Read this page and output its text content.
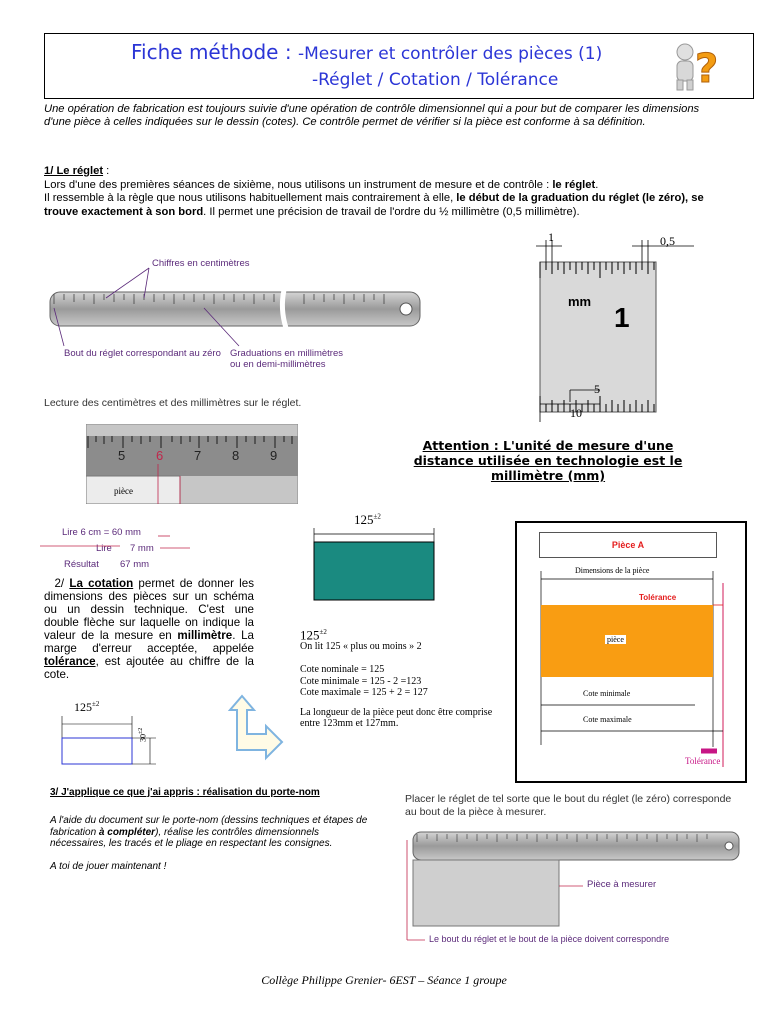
Fiche méthode : -Mesurer et contrôler des pièces (1)
-Réglet / Cotation / Tolérance	?
Une opération de fabrication est toujours suivie d'une opération de contrôle dimensionnel qui a pour but de comparer les dimensions d'une pièce à celles indiquées sur le dessin (cotes). Ce contrôle permet de vérifier si la pièce est conforme à sa définition.
1/ Le réglet :
Lors d'une des premières séances de sixième, nous utilisons un instrument de mesure et de contrôle : le réglet.
Il ressemble à la règle que nous utilisons habituellement mais contrairement à elle, le début de la graduation du réglet (le zéro), se trouve exactement à son bord. Il permet une précision de travail de l'ordre du ½ millimètre (0,5 millimètre).
Chiffres en centimètres
Bout du réglet correspondant au zéro Graduations en millimètres ou en demi-millimètres
1	0,5
mm
1
5
10
Lecture des centimètres et des millimètres sur le réglet.
5 6 7 8 9
pièce
Lire 6 cm = 60 mm
Lire 7 mm
Résultat 67 mm
Attention : L'unité de mesure d'une distance utilisée en technologie est le millimètre (mm)
$125^{\pm 2}$
2/ La cotation permet de donner les dimensions des pièces sur un schéma ou un dessin technique. C'est une double flèche sur laquelle on indique la valeur de la mesure en millimètre. La marge d'erreur acceptée, appelée tolérance, est ajoutée au chiffre de la cote.
$125^{\pm 2}$
$30^{\pm 2}$
$125^{\pm 2}$
On lit 125 « plus ou moins » 2
Cote nominale = 125
Cote minimale = 125 - 2 =123
Cote maximale = 125 + 2 = 127
La longueur de la pièce peut donc être comprise entre 123mm et 127mm.
Pièce A
Dimensions de la pièce
Tolérance
pièce
Cote minimale
Cote maximale
Tolérance
3/ J'applique ce que j'ai appris : réalisation du porte-nom
A l'aide du document sur le porte-nom (dessins techniques et étapes de fabrication à compléter), réalise les contrôles dimensionnels nécessaires, les tracés et le pliage en respectant les consignes.

A toi de jouer maintenant !
Placer le réglet de tel sorte que le bout du réglet (le zéro) corresponde au bout de la pièce à mesurer.
Pièce à mesurer
Le bout du réglet et le bout de la pièce doivent correspondre
Collège Philippe Grenier- 6EST – Séance 1 groupe
